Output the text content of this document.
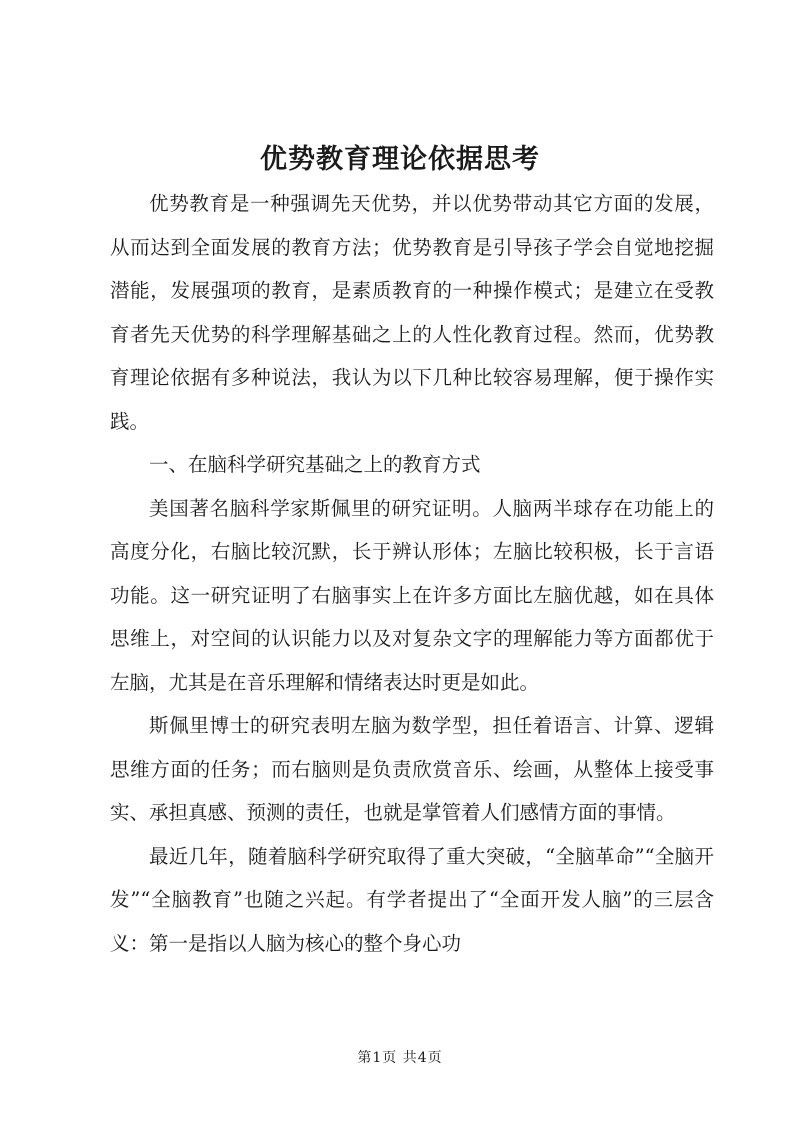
优势教育理论依据思考

优势教育是一种强调先天优势，并以优势带动其它方面的发展，从而达到全面发展的教育方法；优势教育是引导孩子学会自觉地挖掘潜能，发展强项的教育，是素质教育的一种操作模式；是建立在受教育者先天优势的科学理解基础之上的人性化教育过程。然而，优势教育理论依据有多种说法，我认为以下几种比较容易理解，便于操作实践。

一、在脑科学研究基础之上的教育方式

美国著名脑科学家斯佩里的研究证明。人脑两半球存在功能上的高度分化，右脑比较沉默，长于辨认形体；左脑比较积极，长于言语功能。这一研究证明了右脑事实上在许多方面比左脑优越，如在具体思维上，对空间的认识能力以及对复杂文字的理解能力等方面都优于左脑，尤其是在音乐理解和情绪表达时更是如此。

斯佩里博士的研究表明左脑为数学型，担任着语言、计算、逻辑思维方面的任务；而右脑则是负责欣赏音乐、绘画，从整体上接受事实、承担真感、预测的责任，也就是掌管着人们感情方面的事情。

最近几年，随着脑科学研究取得了重大突破，“全脑革命”“全脑开发”“全脑教育”也随之兴起。有学者提出了“全面开发人脑”的三层含义：第一是指以人脑为核心的整个身心功

第1页 共4页
